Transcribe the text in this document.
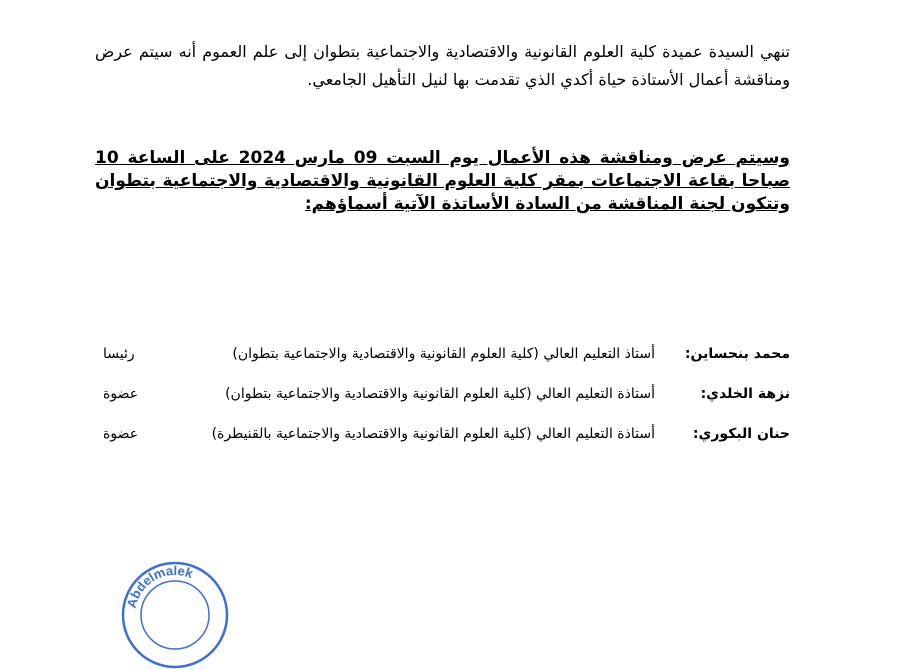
تنهي السيدة عميدة كلية العلوم القانونية والاقتصادية والاجتماعية بتطوان إلى علم العموم أنه سيتم عرض ومناقشة أعمال الأستاذة حياة أكدي الذي تقدمت بها لنيل التأهيل الجامعي.

وسيتم عرض ومناقشة هذه الأعمال يوم السبت 09 مارس 2024 على الساعة 10 صباحا بقاعة الاجتماعات بمقر كلية العلوم القانونية والاقتصادية والاجتماعية بتطوان وتتكون لجنة المناقشة من السادة الأساتذة الآتية أسماؤهم:

محمد بنحساين:
أستاذ التعليم العالي (كلية العلوم القانونية والاقتصادية والاجتماعية بتطوان)
رئيسا
نزهة الخلدي:
أستاذة التعليم العالي (كلية العلوم القانونية والاقتصادية والاجتماعية بتطوان)
عضوة
حنان البكوري:
أستاذة التعليم العالي (كلية العلوم القانونية والاقتصادية والاجتماعية بالقنيطرة)
عضوة
Abdelmalek
